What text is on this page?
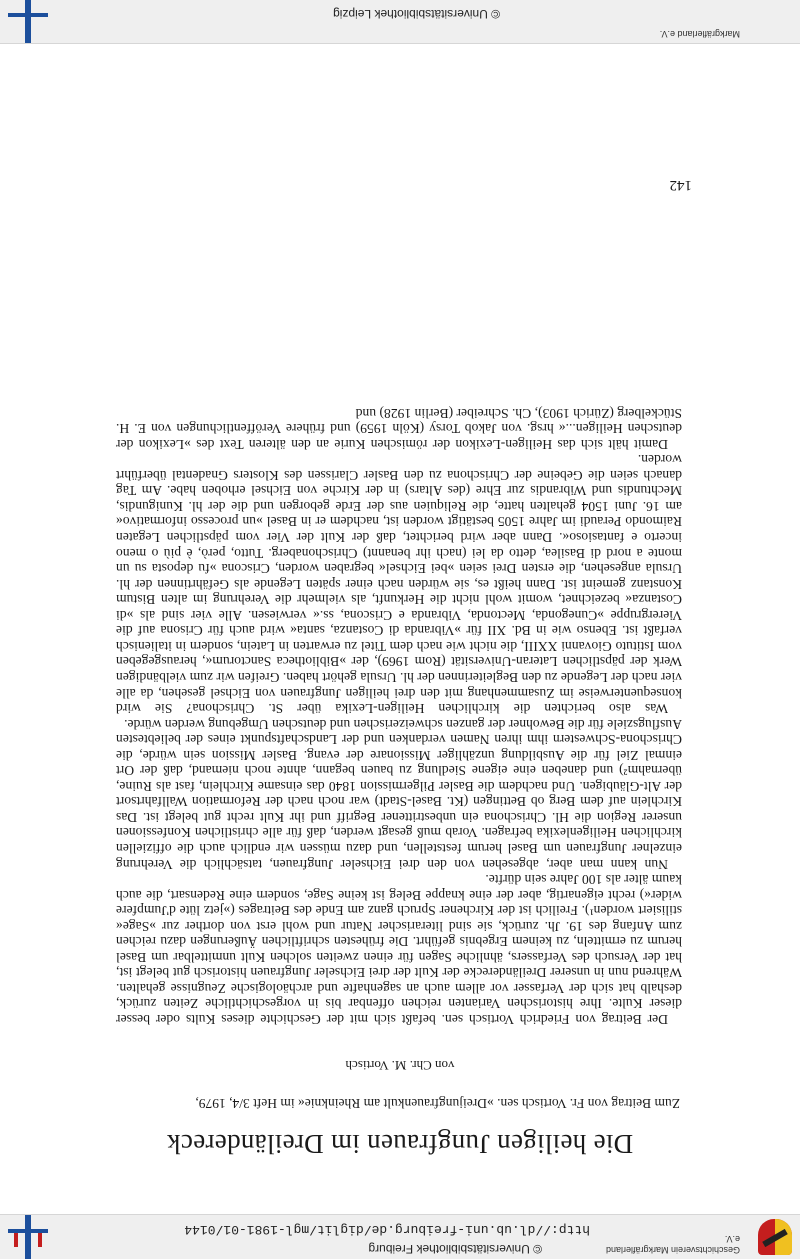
Geschichtsverein Markgräflerland e.V.
© Universitätsbibliothek Freiburg
http://dl.ub.uni-freiburg.de/diglit/mgl-1981-01/0144
Die heiligen Jungfrauen im Dreiländereck
Zum Beitrag von Fr. Vortisch sen. »Dreijungfrauenkult am Rheinknie« im Heft 3/4, 1979,
von Chr. M. Vortisch

Der Beitrag von Friedrich Vortisch sen. befaßt sich mit der Geschichte dieses Kults oder besser dieser Kulte. Ihre historischen Varianten reichen offenbar bis in vorgeschichtliche Zeiten zurück, deshalb hat sich der Verfasser vor allem auch an sagenhafte und archäologische Zeugnisse gehalten. Während nun in unserer Dreiländerecke der Kult der drei Eichseler Jungfrauen historisch gut belegt ist, hat der Versuch des Verfassers, ähnliche Sagen für einen zweiten solchen Kult unmittelbar um Basel herum zu ermitteln, zu keinem Ergebnis geführt. Die frühesten schriftlichen Äußerungen dazu reichen zum Anfang des 19. Jh. zurück, sie sind literarischer Natur und wohl erst von dorther zur »Sage« stilisiert worden¹). Freilich ist der Kirchener Spruch ganz am Ende des Beitrages (»jetz lüte d'Jumpfere wider«) recht eigenartig, aber der eine knappe Beleg ist keine Sage, sondern eine Redensart, die auch kaum älter als 100 Jahre sein dürfte.

Nun kann man aber, abgesehen von den drei Eichseler Jungfrauen, tatsächlich die Verehrung einzelner Jungfrauen um Basel herum feststellen, und dazu müssen wir endlich auch die offiziellen kirchlichen Heiligenlexika befragen. Vorab muß gesagt werden, daß für alle christlichen Konfessionen unserer Region die Hl. Chrischona ein unbestrittener Begriff und ihr Kult recht gut belegt ist. Das Kirchlein auf dem Berg ob Bettingen (Kt. Basel-Stadt) war noch nach der Reformation Wallfahrtsort der Alt-Gläubigen. Und nachdem die Basler Pilgermission 1840 das einsame Kirchlein, fast als Ruine, übernahm²) und daneben eine eigene Siedlung zu bauen begann, ahnte noch niemand, daß der Ort einmal Ziel für die Ausbildung unzähliger Missionare der evang. Basler Mission sein würde, die Chrischona-Schwestern ihm ihren Namen verdanken und der Landschaftspunkt eines der beliebtesten Ausflugsziele für die Bewohner der ganzen schweizerischen und deutschen Umgebung werden würde.

Was also berichten die kirchlichen Heiligen-Lexika über St. Chrischona? Sie wird konsequenterweise im Zusammenhang mit den drei heiligen Jungfrauen von Eichsel gesehen, da alle vier nach der Legende zu den Begleiterinnen der hl. Ursula gehört haben. Greifen wir zum vielbändigen Werk der päpstlichen Lateran-Universität (Rom 1969), der »Bibliotheca Sanctorum«, herausgegeben vom Istituto Giovanni XXIII, die nicht wie nach dem Titel zu erwarten in Latein, sondern in italienisch verfaßt ist. Ebenso wie in Bd. XII für »Vibranda di Costanza, santa« wird auch für Crisona auf die Vierergruppe »Cunegonda, Mectonda, Vibranda e Criscona, ss.« verwiesen. Alle vier sind als »di Costanza« bezeichnet, womit wohl nicht die Herkunft, als vielmehr die Verehrung im alten Bistum Konstanz gemeint ist. Dann heißt es, sie würden nach einer späten Legende als Gefährtinnen der hl. Ursula angesehen, die ersten Drei seien »bei Eichsel« begraben worden, Criscona »fu deposta su un monte a nord di Basilea, detto da lei (nach ihr benannt) Chrischonaberg. Tutto, però, è più o meno incerto e fantasioso«. Dann aber wird berichtet, daß der Kult der Vier vom päpstlichen Legaten Raimondo Peraudi im Jahre 1505 bestätigt worden ist, nachdem er in Basel »un processo informativo« am 16. Juni 1504 gehalten hatte, die Reliquien aus der Erde geborgen und die der hl. Kunigundis, Mechtundis und Wibrandis zur Ehre (des Altars) in der Kirche von Eichsel erhoben habe. Am Tag danach seien die Gebeine der Chrischona zu den Basler Clarissen des Klosters Gnadental überführt worden.

Damit hält sich das Heiligen-Lexikon der römischen Kurie an den älteren Text des »Lexikon der deutschen Heiligen...« hrsg. von Jakob Torsy (Köln 1959) und frühere Veröffentlichungen von E. H. Stückelberg (Zürich 1903), Ch. Schreiber (Berlin 1928) und

142
Markgräflerland e.V.
© Universitätsbibliothek Leipzig
